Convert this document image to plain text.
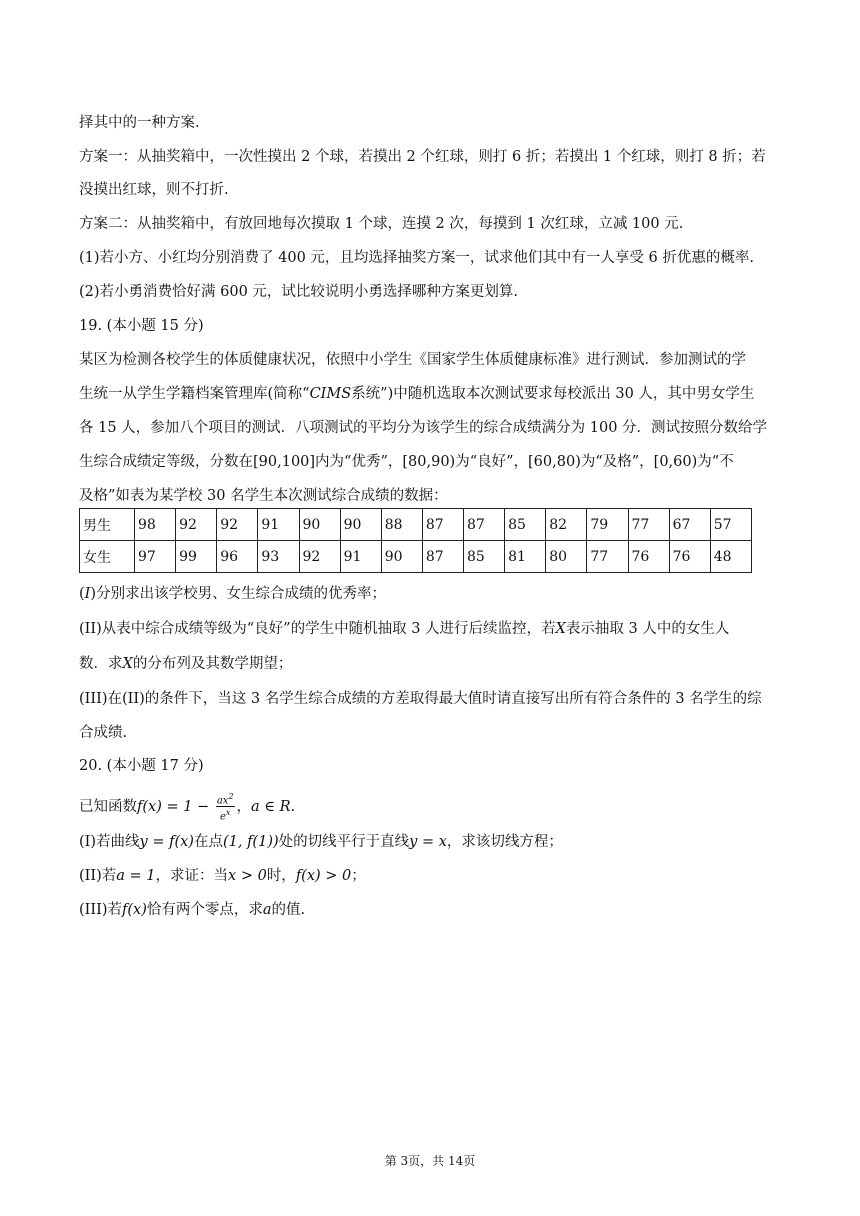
择其中的一种方案.
方案一：从抽奖箱中，一次性摸出 2 个球，若摸出 2 个红球，则打 6 折；若摸出 1 个红球，则打 8 折；若
没摸出红球，则不打折.
方案二：从抽奖箱中，有放回地每次摸取 1 个球，连摸 2 次，每摸到 1 次红球，立减 100 元.
(1)若小方、小红均分别消费了 400 元，且均选择抽奖方案一，试求他们其中有一人享受 6 折优惠的概率.
(2)若小勇消费恰好满 600 元，试比较说明小勇选择哪种方案更划算.
19. (本小题 15 分)
某区为检测各校学生的体质健康状况，依照中小学生《国家学生体质健康标准》进行测试．参加测试的学
生统一从学生学籍档案管理库(简称“CIMS系统”)中随机选取本次测试要求每校派出 30 人，其中男女学生
各 15 人，参加八个项目的测试．八项测试的平均分为该学生的综合成绩满分为 100 分．测试按照分数给学
生综合成绩定等级，分数在[90,100]内为“优秀”，[80,90)为“良好”，[60,80)为“及格”，[0,60)为“不
及格”如表为某学校 30 名学生本次测试综合成绩的数据：
男生	98	92	92	91	90	90	88	87	87	85	82	79	77	67	57
女生	97	99	96	93	92	91	90	87	85	81	80	77	76	76	48
(I)分别求出该学校男、女生综合成绩的优秀率；
(II)从表中综合成绩等级为“良好”的学生中随机抽取 3 人进行后续监控，若X表示抽取 3 人中的女生人
数．求X的分布列及其数学期望；
(III)在(II)的条件下，当这 3 名学生综合成绩的方差取得最大值时请直接写出所有符合条件的 3 名学生的综
合成绩.
20. (本小题 17 分)
已知函数$f(x) = 1 - \frac{ax^2}{e^x}$ ，a ∈ R.
(I)若曲线y = f(x)在点(1, f(1))处的切线平行于直线y = x，求该切线方程；
(II)若a = 1，求证：当x > 0时，f(x) > 0；
(III)若f(x)恰有两个零点，求a的值.
第 3页，共 14页
